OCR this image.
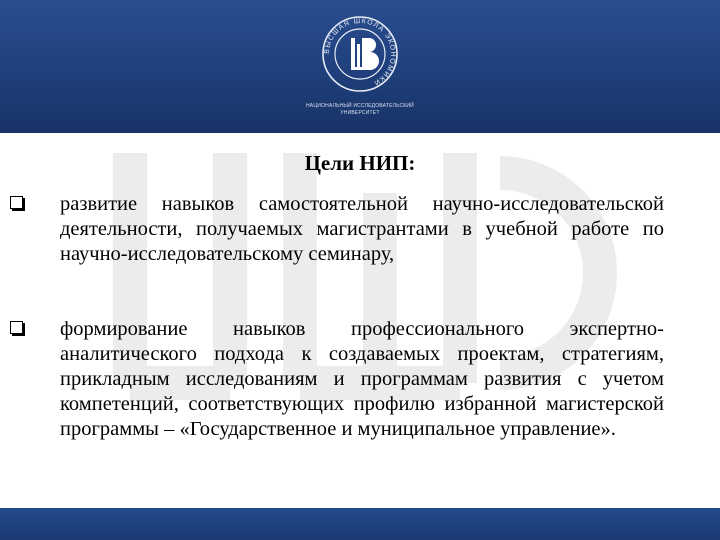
ВЫСШАЯ ШКОЛА ЭКОНОМИКИ
НАЦИОНАЛЬНЫЙ ИССЛЕДОВАТЕЛЬСКИЙ УНИВЕРСИТЕТ
Цели НИП:
развитие навыков самостоятельной научно-исследовательской деятельности, получаемых магистрантами в учебной работе по научно-исследовательскому семинару,
формирование навыков профессионального экспертно-аналитического подхода к создаваемых проектам, стратегиям, прикладным исследованиям и программам развития с учетом компетенций, соответствующих профилю избранной магистерской программы – «Государственное и муниципальное управление».
